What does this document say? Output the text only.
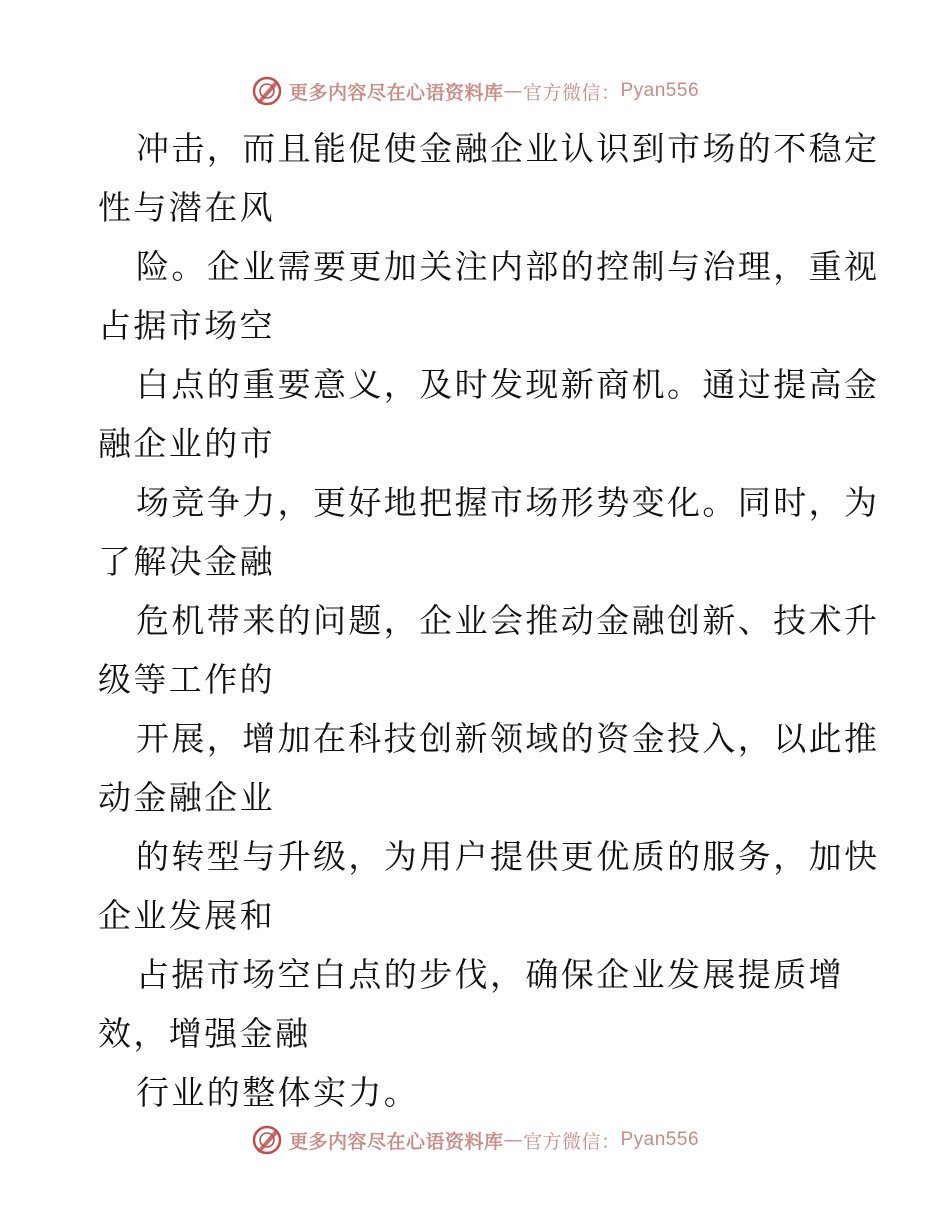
更多内容尽在心语资料库 — 官方微信： Pyan556
冲击，而且能促使金融企业认识到市场的不稳定
性与潜在风
险。企业需要更加关注内部的控制与治理，重视
占据市场空
白点的重要意义，及时发现新商机。通过提高金
融企业的市
场竞争力，更好地把握市场形势变化。同时，为
了解决金融
危机带来的问题，企业会推动金融创新、技术升
级等工作的
开展，增加在科技创新领域的资金投入，以此推
动金融企业
的转型与升级，为用户提供更优质的服务，加快
企业发展和
占据市场空白点的步伐，确保企业发展提质增
效，增强金融
行业的整体实力。
更多内容尽在心语资料库 — 官方微信： Pyan556
